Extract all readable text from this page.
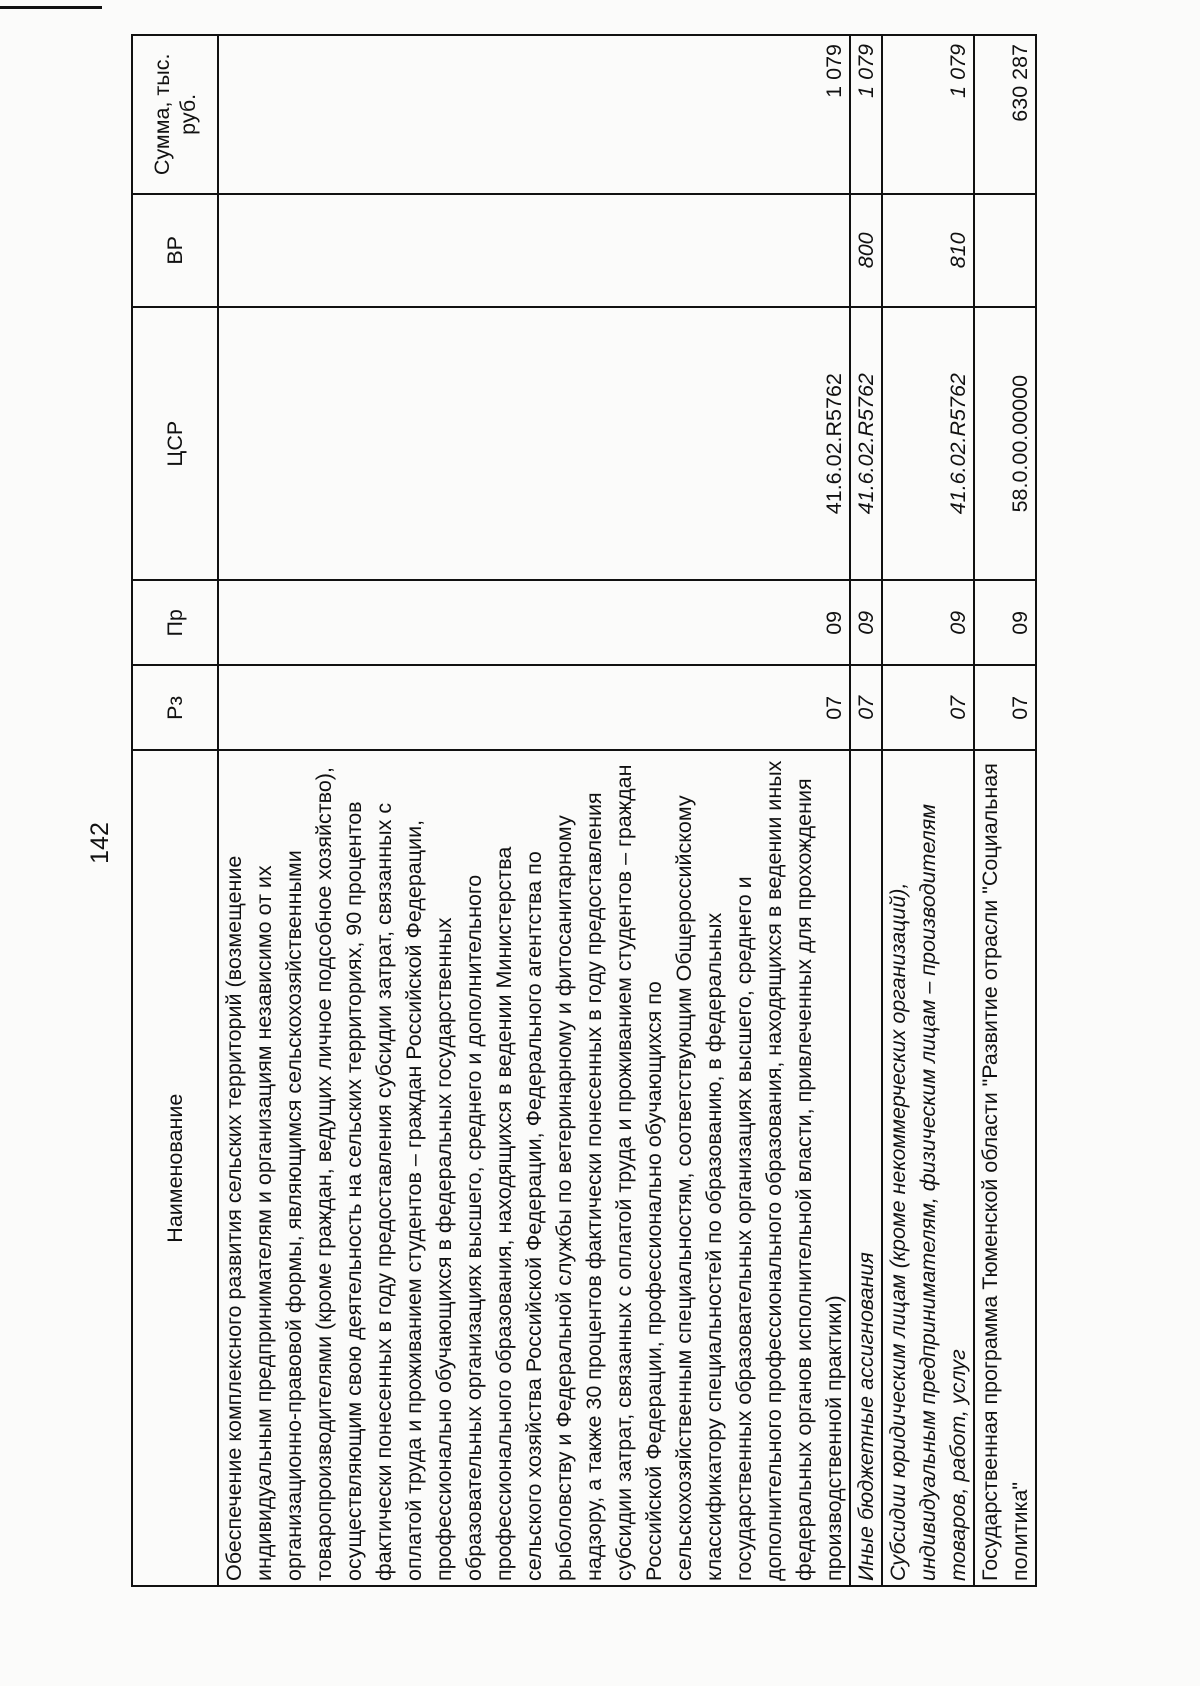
142
Наименование	Рз	Пр	ЦСР	ВР	Сумма, тыс. руб.
Обеспечение комплексного развития сельских территорий (возмещение индивидуальным предпринимателям и организациям независимо от их организационно-правовой формы, являющимся сельскохозяйственными товаропроизводителями (кроме граждан, ведущих личное подсобное хозяйство), осуществляющим свою деятельность на сельских территориях, 90 процентов фактически понесенных в году предоставления субсидии затрат, связанных с оплатой труда и проживанием студентов – граждан Российской Федерации, профессионально обучающихся в федеральных государственных образовательных организациях высшего, среднего и дополнительного профессионального образования, находящихся в ведении Министерства сельского хозяйства Российской Федерации, Федерального агентства по рыболовству и Федеральной службы по ветеринарному и фитосанитарному надзору, а также 30 процентов фактически понесенных в году предоставления субсидии затрат, связанных с оплатой труда и проживанием студентов – граждан Российской Федерации, профессионально обучающихся по сельскохозяйственным специальностям, соответствующим Общероссийскому классификатору специальностей по образованию, в федеральных государственных образовательных организациях высшего, среднего и дополнительного профессионального образования, находящихся в ведении иных федеральных органов исполнительной власти, привлеченных для прохождения производственной практики)	07	09	41.6.02.R5762		1 079
Иные бюджетные ассигнования	07	09	41.6.02.R5762	800	1 079
Субсидии юридическим лицам (кроме некоммерческих организаций), индивидуальным предпринимателям, физическим лицам – производителям товаров, работ, услуг	07	09	41.6.02.R5762	810	1 079
Государственная программа Тюменской области "Развитие отрасли "Социальная политика"	07	09	58.0.00.00000		630 287
